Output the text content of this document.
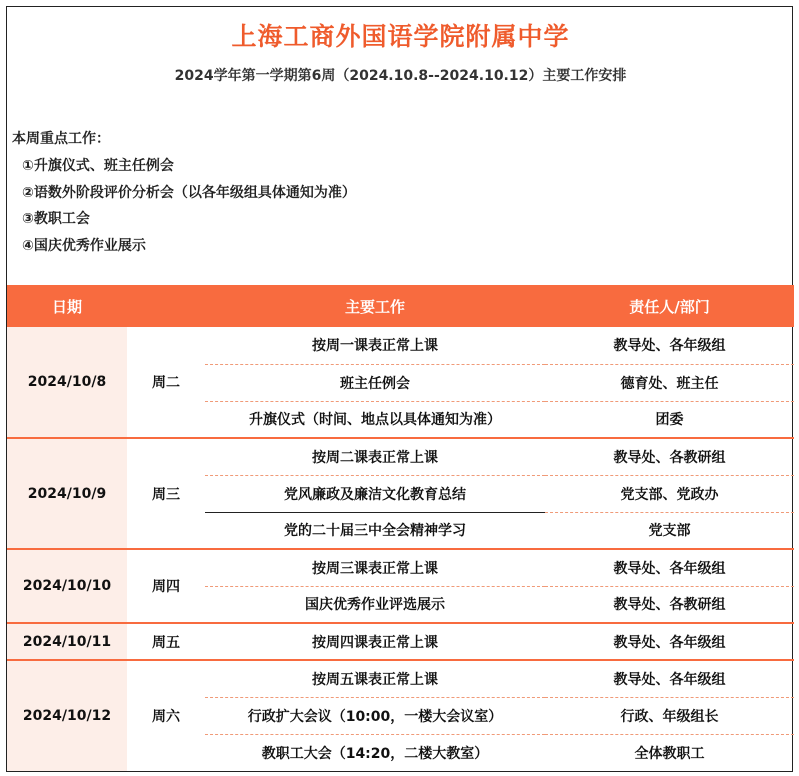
上海工商外国语学院附属中学
2024学年第一学期第6周（2024.10.8--2024.10.12）主要工作安排
本周重点工作：
①升旗仪式、班主任例会
②语数外阶段评价分析会（以各年级组具体通知为准）
③教职工会
④国庆优秀作业展示
日期		主要工作	责任人/部门
2024/10/8	周二	按周一课表正常上课	教导处、各年级组
		班主任例会	德育处、班主任
		升旗仪式（时间、地点以具体通知为准）	团委
2024/10/9	周三	按周二课表正常上课	教导处、各教研组
		党风廉政及廉洁文化教育总结	党支部、党政办
		党的二十届三中全会精神学习	党支部
2024/10/10	周四	按周三课表正常上课	教导处、各年级组
		国庆优秀作业评选展示	教导处、各教研组
2024/10/11	周五	按周四课表正常上课	教导处、各年级组
2024/10/12	周六	按周五课表正常上课	教导处、各年级组
		行政扩大会议（10:00，一楼大会议室）	行政、年级组长
		教职工大会（14:20，二楼大教室）	全体教职工
